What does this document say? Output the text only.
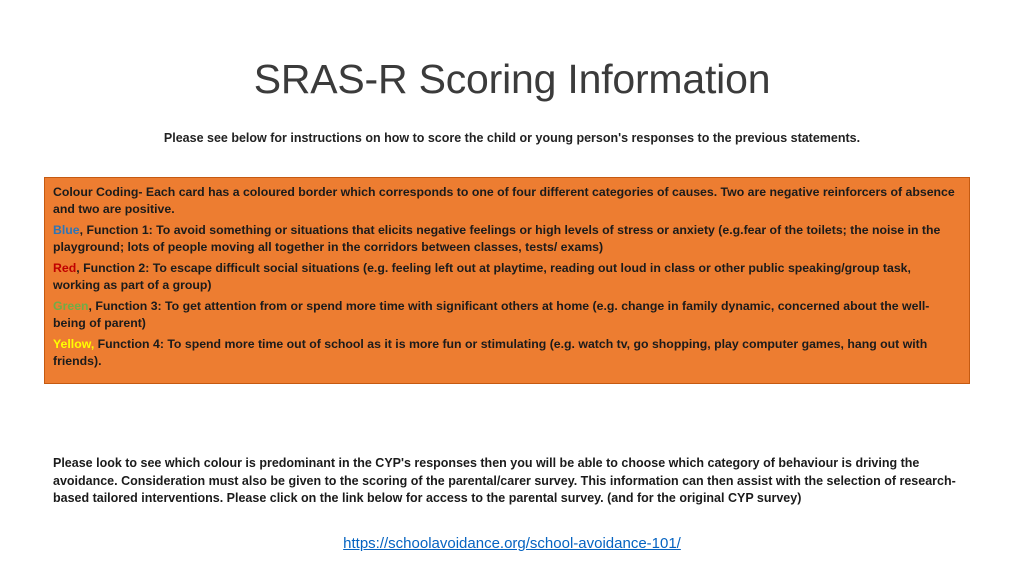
SRAS-R Scoring Information
Please see below for instructions on how to score the child or young person's responses to the previous statements.

Colour Coding- Each card has a coloured border which corresponds to one of four different categories of causes. Two are negative reinforcers of absence and two are positive.

Blue, Function 1: To avoid something or situations that elicits negative feelings or high levels of stress or anxiety (e.g.fear of the toilets; the noise in the playground; lots of people moving all together in the corridors between classes, tests/ exams)

Red, Function 2: To escape difficult social situations (e.g. feeling left out at playtime, reading out loud in class or other public speaking/group task, working as part of a group)

Green, Function 3: To get attention from or spend more time with significant others at home (e.g. change in family dynamic, concerned about the well-being of parent)

Yellow, Function 4: To spend more time out of school as it is more fun or stimulating (e.g. watch tv, go shopping, play computer games, hang out with friends).

Please look to see which colour is predominant in the CYP's responses then you will be able to choose which category of behaviour is driving the avoidance. Consideration must also be given to the scoring of the parental/carer survey. This information can then assist with the selection of research-based tailored interventions. Please click on the link below for access to the parental survey. (and for the original CYP survey)

https://schoolavoidance.org/school-avoidance-101/
